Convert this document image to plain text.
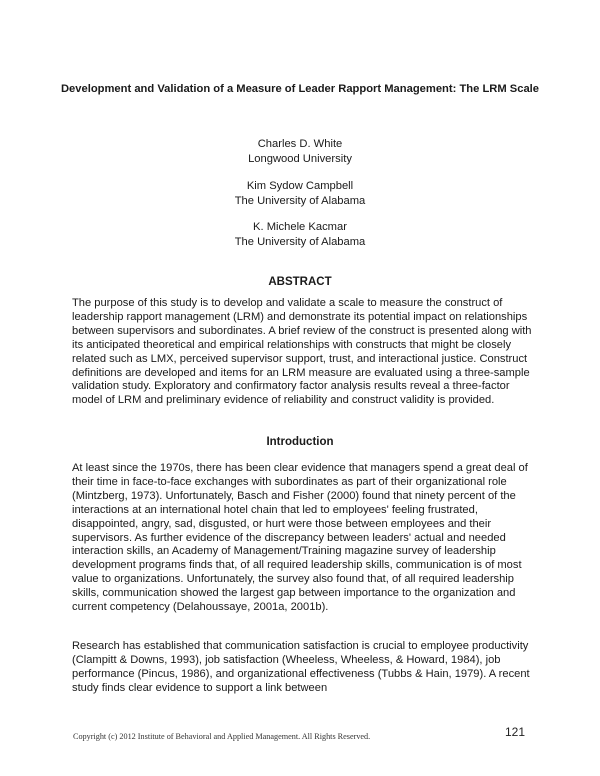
Development and Validation of a Measure of Leader Rapport Management: The LRM Scale
Charles D. White
Longwood University
Kim Sydow Campbell
The University of Alabama
K. Michele Kacmar
The University of Alabama
ABSTRACT

The purpose of this study is to develop and validate a scale to measure the construct of leadership rapport management (LRM) and demonstrate its potential impact on relationships between supervisors and subordinates. A brief review of the construct is presented along with its anticipated theoretical and empirical relationships with constructs that might be closely related such as LMX, perceived supervisor support, trust, and interactional justice. Construct definitions are developed and items for an LRM measure are evaluated using a three-sample validation study. Exploratory and confirmatory factor analysis results reveal a three-factor model of LRM and preliminary evidence of reliability and construct validity is provided.

Introduction

At least since the 1970s, there has been clear evidence that managers spend a great deal of their time in face-to-face exchanges with subordinates as part of their organizational role (Mintzberg, 1973). Unfortunately, Basch and Fisher (2000) found that ninety percent of the interactions at an international hotel chain that led to employees' feeling frustrated, disappointed, angry, sad, disgusted, or hurt were those between employees and their supervisors. As further evidence of the discrepancy between leaders' actual and needed interaction skills, an Academy of Management/Training magazine survey of leadership development programs finds that, of all required leadership skills, communication is of most value to organizations. Unfortunately, the survey also found that, of all required leadership skills, communication showed the largest gap between importance to the organization and current competency (Delahoussaye, 2001a, 2001b).

Research has established that communication satisfaction is crucial to employee productivity (Clampitt & Downs, 1993), job satisfaction (Wheeless, Wheeless, & Howard, 1984), job performance (Pincus, 1986), and organizational effectiveness (Tubbs & Hain, 1979). A recent study finds clear evidence to support a link between

Copyright (c) 2012 Institute of Behavioral and Applied Management. All Rights Reserved.	121
